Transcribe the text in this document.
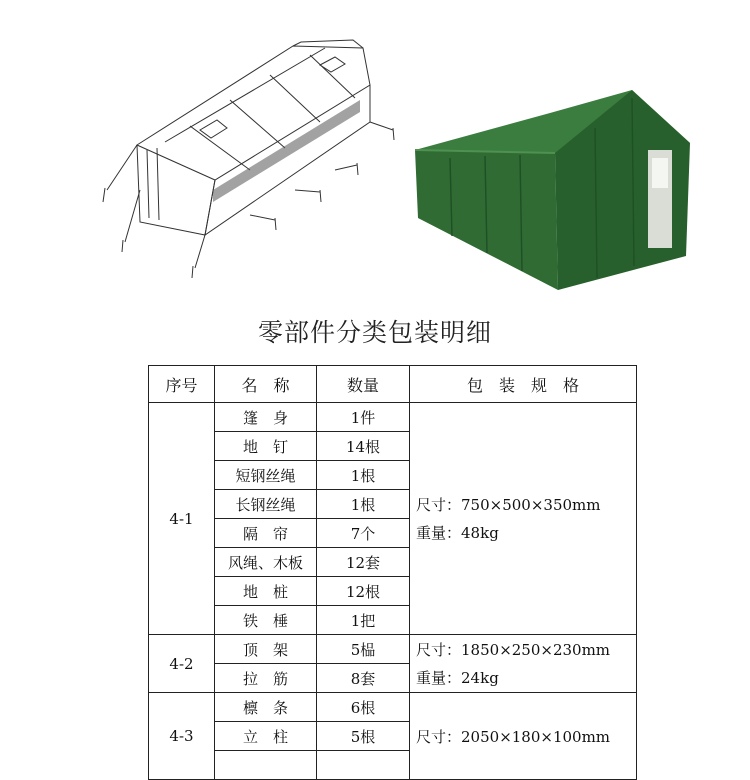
零部件分类包装明细
序号	名　称	数量	包　装　规　格
4-1	篷　身	1件	尺寸：750×500×350mm
重量：48kg

	地　钉	14根	
	短钢丝绳	1根	
	长钢丝绳	1根	
	隔　帘	7个	
	风绳、木板	12套	
	地　桩	12根	
	铁　棰	1把	
4-2	顶　架	5榀	尺寸：1850×250×230mm
重量：24kg

	拉　筋	8套	
4-3	檩　条	6根	尺寸：2050×180×100mm

	立　柱	5根	
